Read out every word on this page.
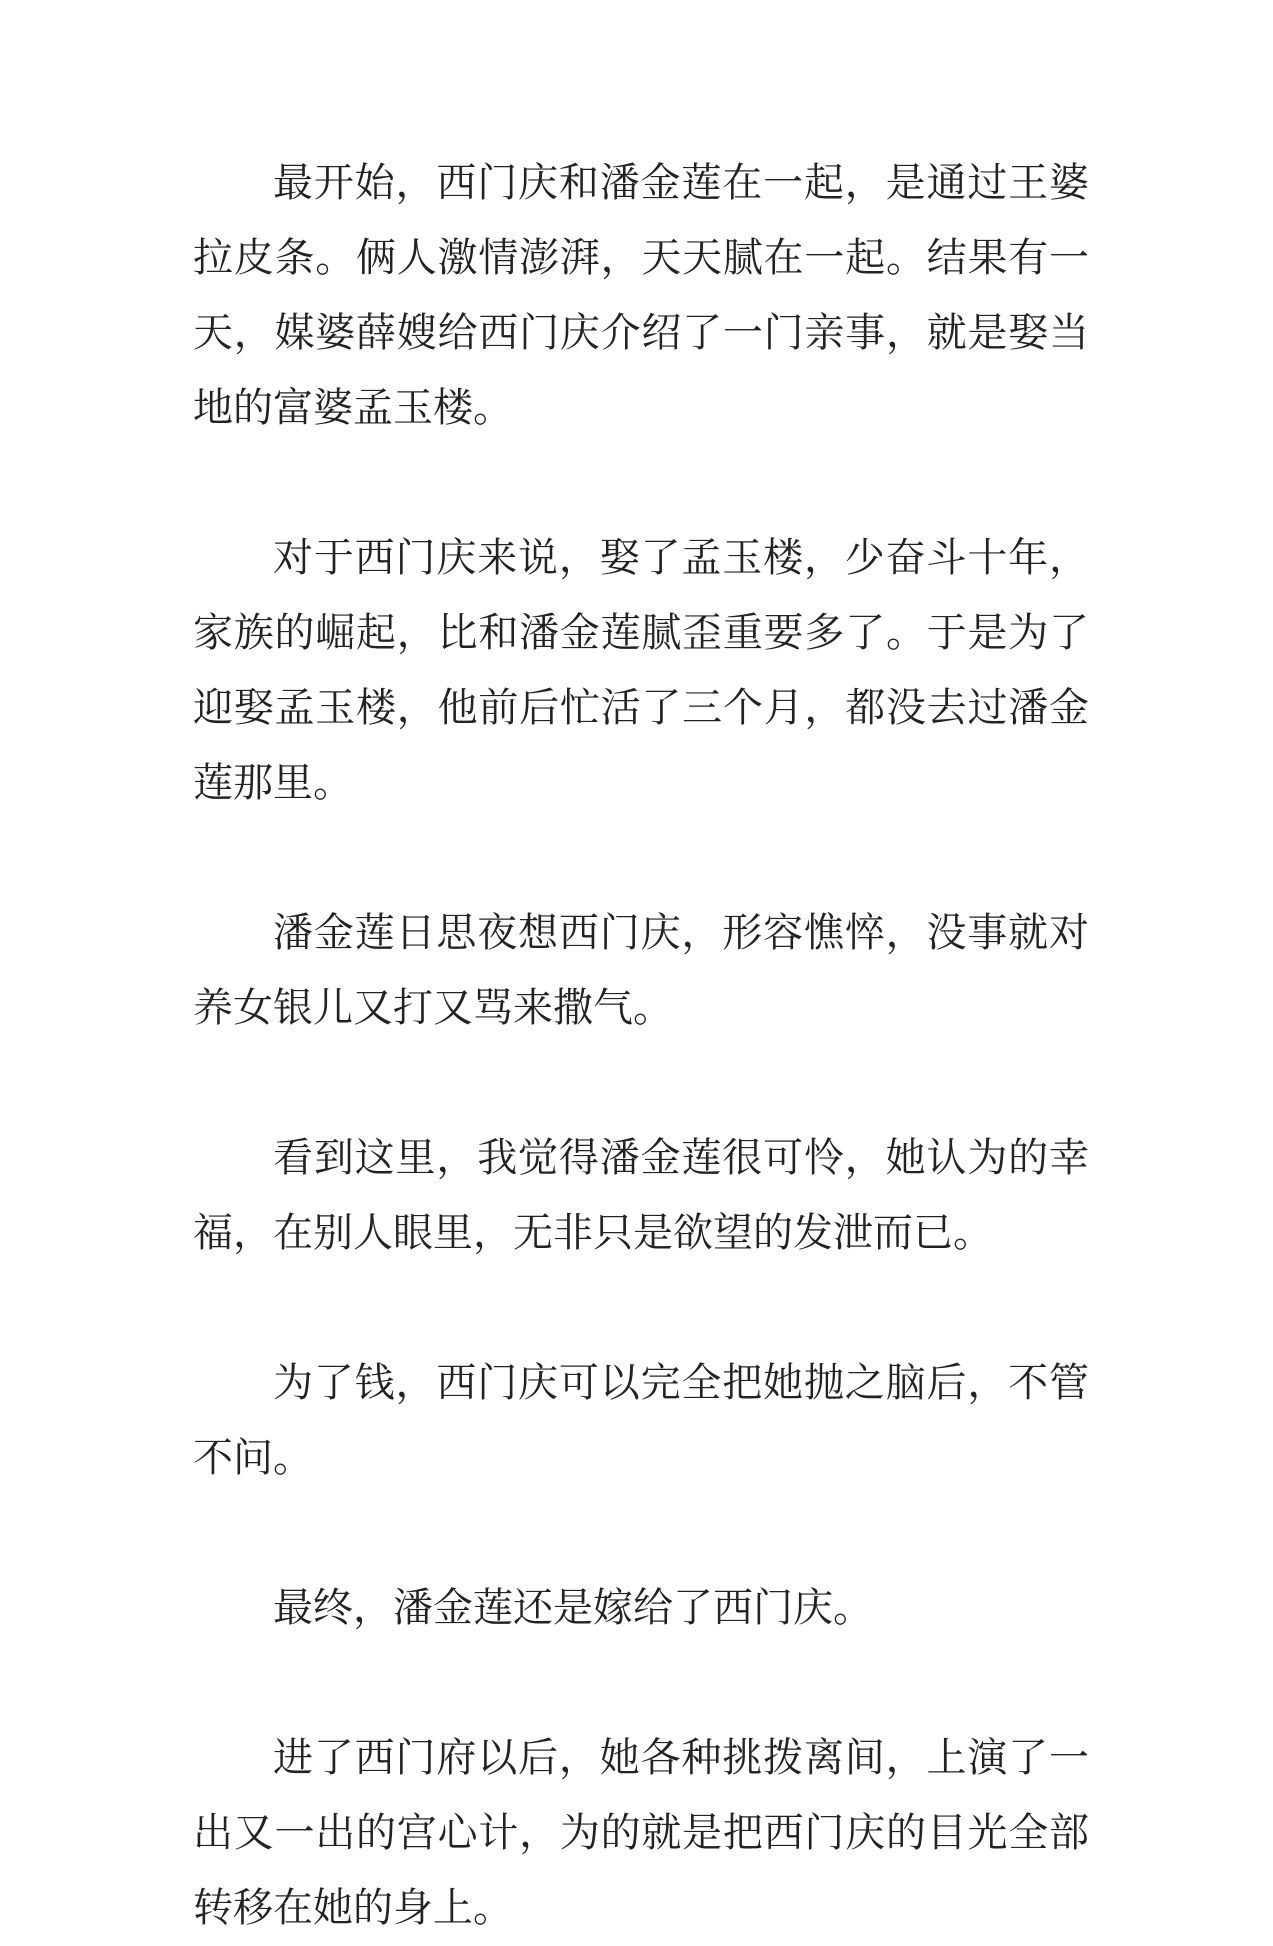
最开始，西门庆和潘金莲在一起，是通过王婆拉皮条。俩人激情澎湃，天天腻在一起。结果有一天，媒婆薛嫂给西门庆介绍了一门亲事，就是娶当地的富婆孟玉楼。

对于西门庆来说，娶了孟玉楼，少奋斗十年，家族的崛起，比和潘金莲腻歪重要多了。于是为了迎娶孟玉楼，他前后忙活了三个月，都没去过潘金莲那里。

潘金莲日思夜想西门庆，形容憔悴，没事就对养女银儿又打又骂来撒气。

看到这里，我觉得潘金莲很可怜，她认为的幸福，在别人眼里，无非只是欲望的发泄而已。

为了钱，西门庆可以完全把她抛之脑后，不管不问。

最终，潘金莲还是嫁给了西门庆。

进了西门府以后，她各种挑拨离间，上演了一出又一出的宫心计，为的就是把西门庆的目光全部转移在她的身上。
